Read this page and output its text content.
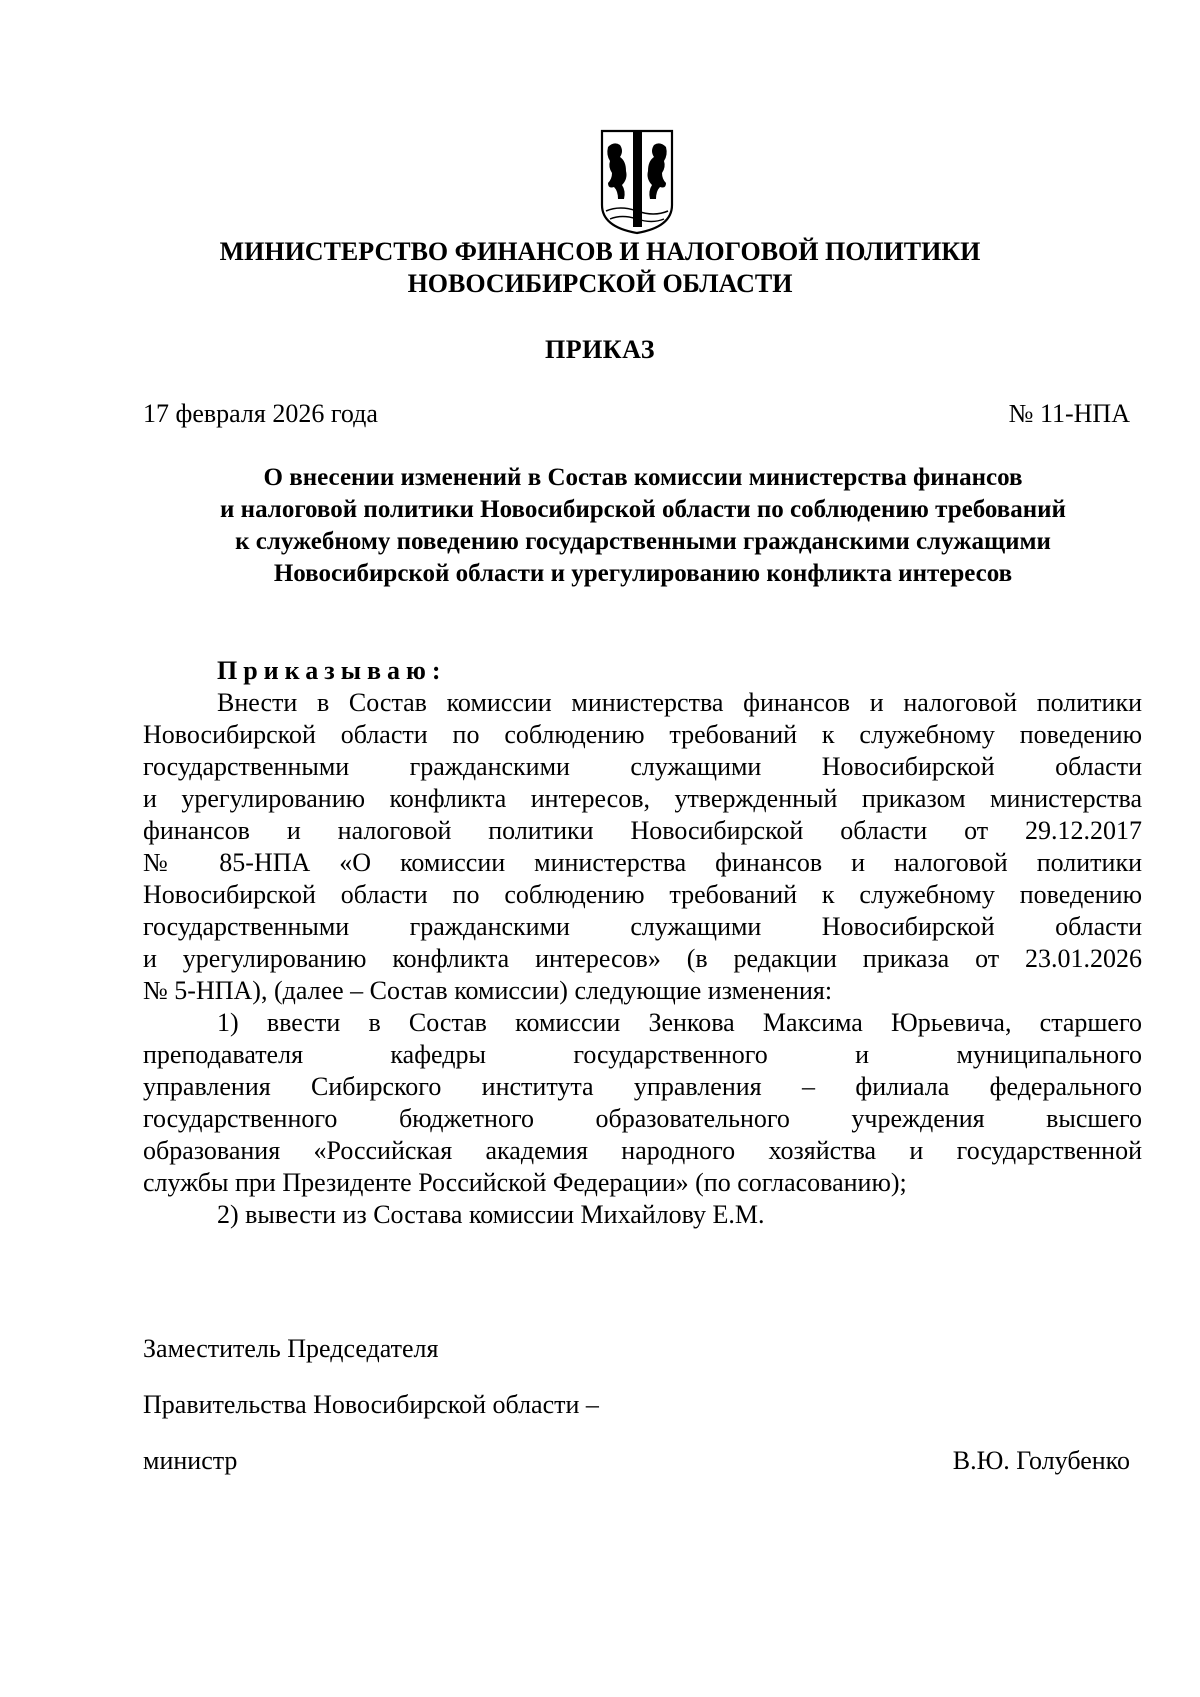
МИНИСТЕРСТВО ФИНАНСОВ И НАЛОГОВОЙ ПОЛИТИКИ
НОВОСИБИРСКОЙ ОБЛАСТИ
ПРИКАЗ
17 февраля 2026 года	№ 11-НПА
О внесении изменений в Состав комиссии министерства финансов
и налоговой политики Новосибирской области по соблюдению требований
к служебному поведению государственными гражданскими служащими
Новосибирской области и урегулированию конфликта интересов
Приказываю:
Внести в Состав комиссии министерства финансов и налоговой политики
Новосибирской области по соблюдению требований к служебному поведению
государственными гражданскими служащими Новосибирской области
и урегулированию конфликта интересов, утвержденный приказом министерства
финансов и налоговой политики Новосибирской области от 29.12.2017
№ 85-НПА «О комиссии министерства финансов и налоговой политики
Новосибирской области по соблюдению требований к служебному поведению
государственными гражданскими служащими Новосибирской области
и урегулированию конфликта интересов» (в редакции приказа от 23.01.2026
№ 5-НПА), (далее – Состав комиссии) следующие изменения:
1) ввести в Состав комиссии Зенкова Максима Юрьевича, старшего
преподавателя кафедры государственного и муниципального
управления Сибирского института управления – филиала федерального
государственного бюджетного образовательного учреждения высшего
образования «Российская академия народного хозяйства и государственной
службы при Президенте Российской Федерации» (по согласованию);
2) вывести из Состава комиссии Михайлову Е.М.
Заместитель Председателя
Правительства Новосибирской области –
министр	В.Ю. Голубенко
